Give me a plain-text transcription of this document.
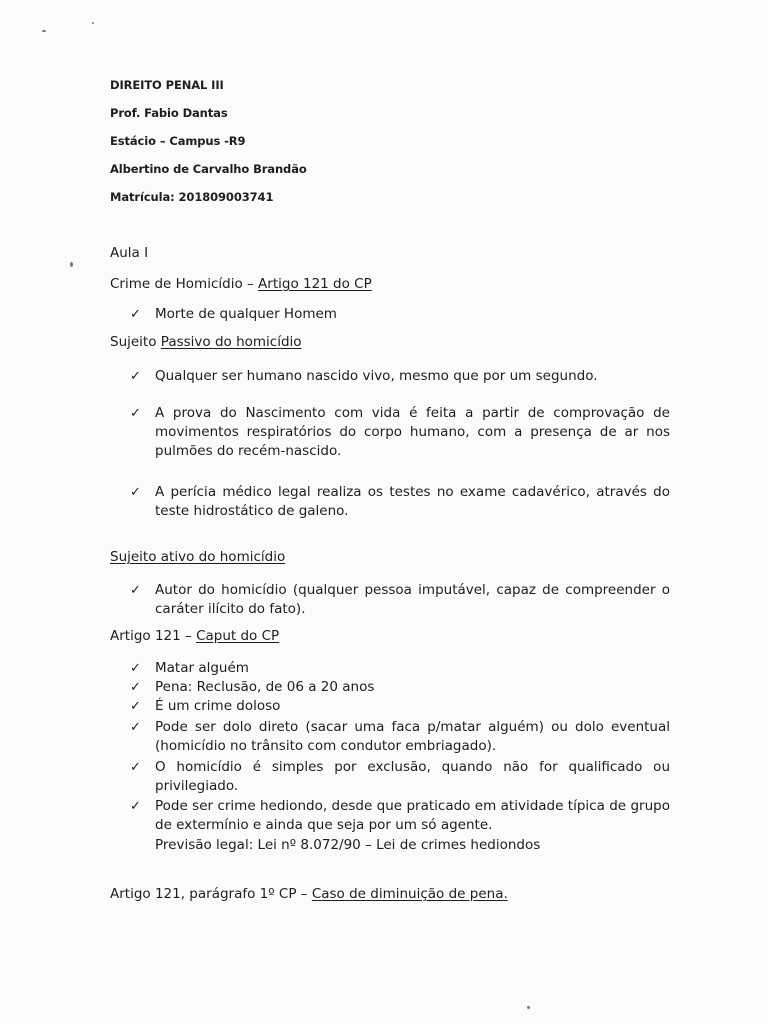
DIREITO PENAL III
Prof. Fabio Dantas
Estácio – Campus -R9
Albertino de Carvalho Brandão
Matrícula: 201809003741
Aula I
Crime de Homicídio – Artigo 121 do CP
✓ Morte de qualquer Homem
Sujeito Passivo do homicídio
✓ Qualquer ser humano nascido vivo, mesmo que por um segundo.
✓ A prova do Nascimento com vida é feita a partir de comprovação de movimentos respiratórios do corpo humano, com a presença de ar nos pulmões do recém-nascido.
✓ A perícia médico legal realiza os testes no exame cadavérico, através do teste hidrostático de galeno.
Sujeito ativo do homicídio
✓ Autor do homicídio (qualquer pessoa imputável, capaz de compreender o caráter ilícito do fato).
Artigo 121 – Caput do CP
✓ Matar alguém
✓ Pena: Reclusão, de 06 a 20 anos
✓ É um crime doloso
✓ Pode ser dolo direto (sacar uma faca p/matar alguém) ou dolo eventual (homicídio no trânsito com condutor embriagado).
✓ O homicídio é simples por exclusão, quando não for qualificado ou privilegiado.
✓ Pode ser crime hediondo, desde que praticado em atividade típica de grupo de extermínio e ainda que seja por um só agente.
Previsão legal: Lei nº 8.072/90 – Lei de crimes hediondos
Artigo 121, parágrafo 1º CP – Caso de diminuição de pena.
